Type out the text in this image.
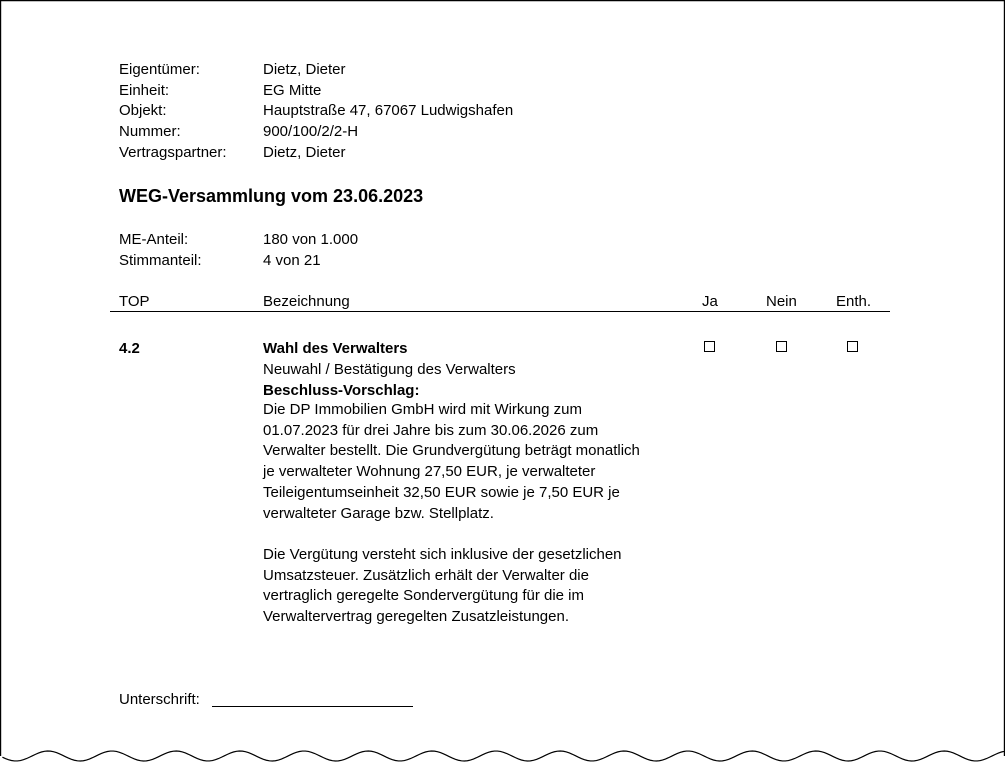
Eigentümer:	Dietz, Dieter
Einheit:	EG Mitte
Objekt:	Hauptstraße 47, 67067 Ludwigshafen
Nummer:	900/100/2/2-H
Vertragspartner: Dietz, Dieter
WEG-Versammlung vom 23.06.2023
ME-Anteil:	180 von 1.000
Stimmanteil:	4 von 21
TOP	Bezeichnung	Ja	Nein	Enth.
4.2	Wahl des Verwalters
Neuwahl / Bestätigung des Verwalters
Beschluss-Vorschlag:
Die DP Immobilien GmbH wird mit Wirkung zum
01.07.2023 für drei Jahre bis zum 30.06.2026 zum
Verwalter bestellt. Die Grundvergütung beträgt monatlich
je verwalteter Wohnung 27,50 EUR, je verwalteter
Teileigentumseinheit 32,50 EUR sowie je 7,50 EUR je
verwalteter Garage bzw. Stellplatz.
Die Vergütung versteht sich inklusive der gesetzlichen
Umsatzsteuer. Zusätzlich erhält der Verwalter die
vertraglich geregelte Sondervergütung für die im
Verwaltervertrag geregelten Zusatzleistungen.
Unterschrift:
